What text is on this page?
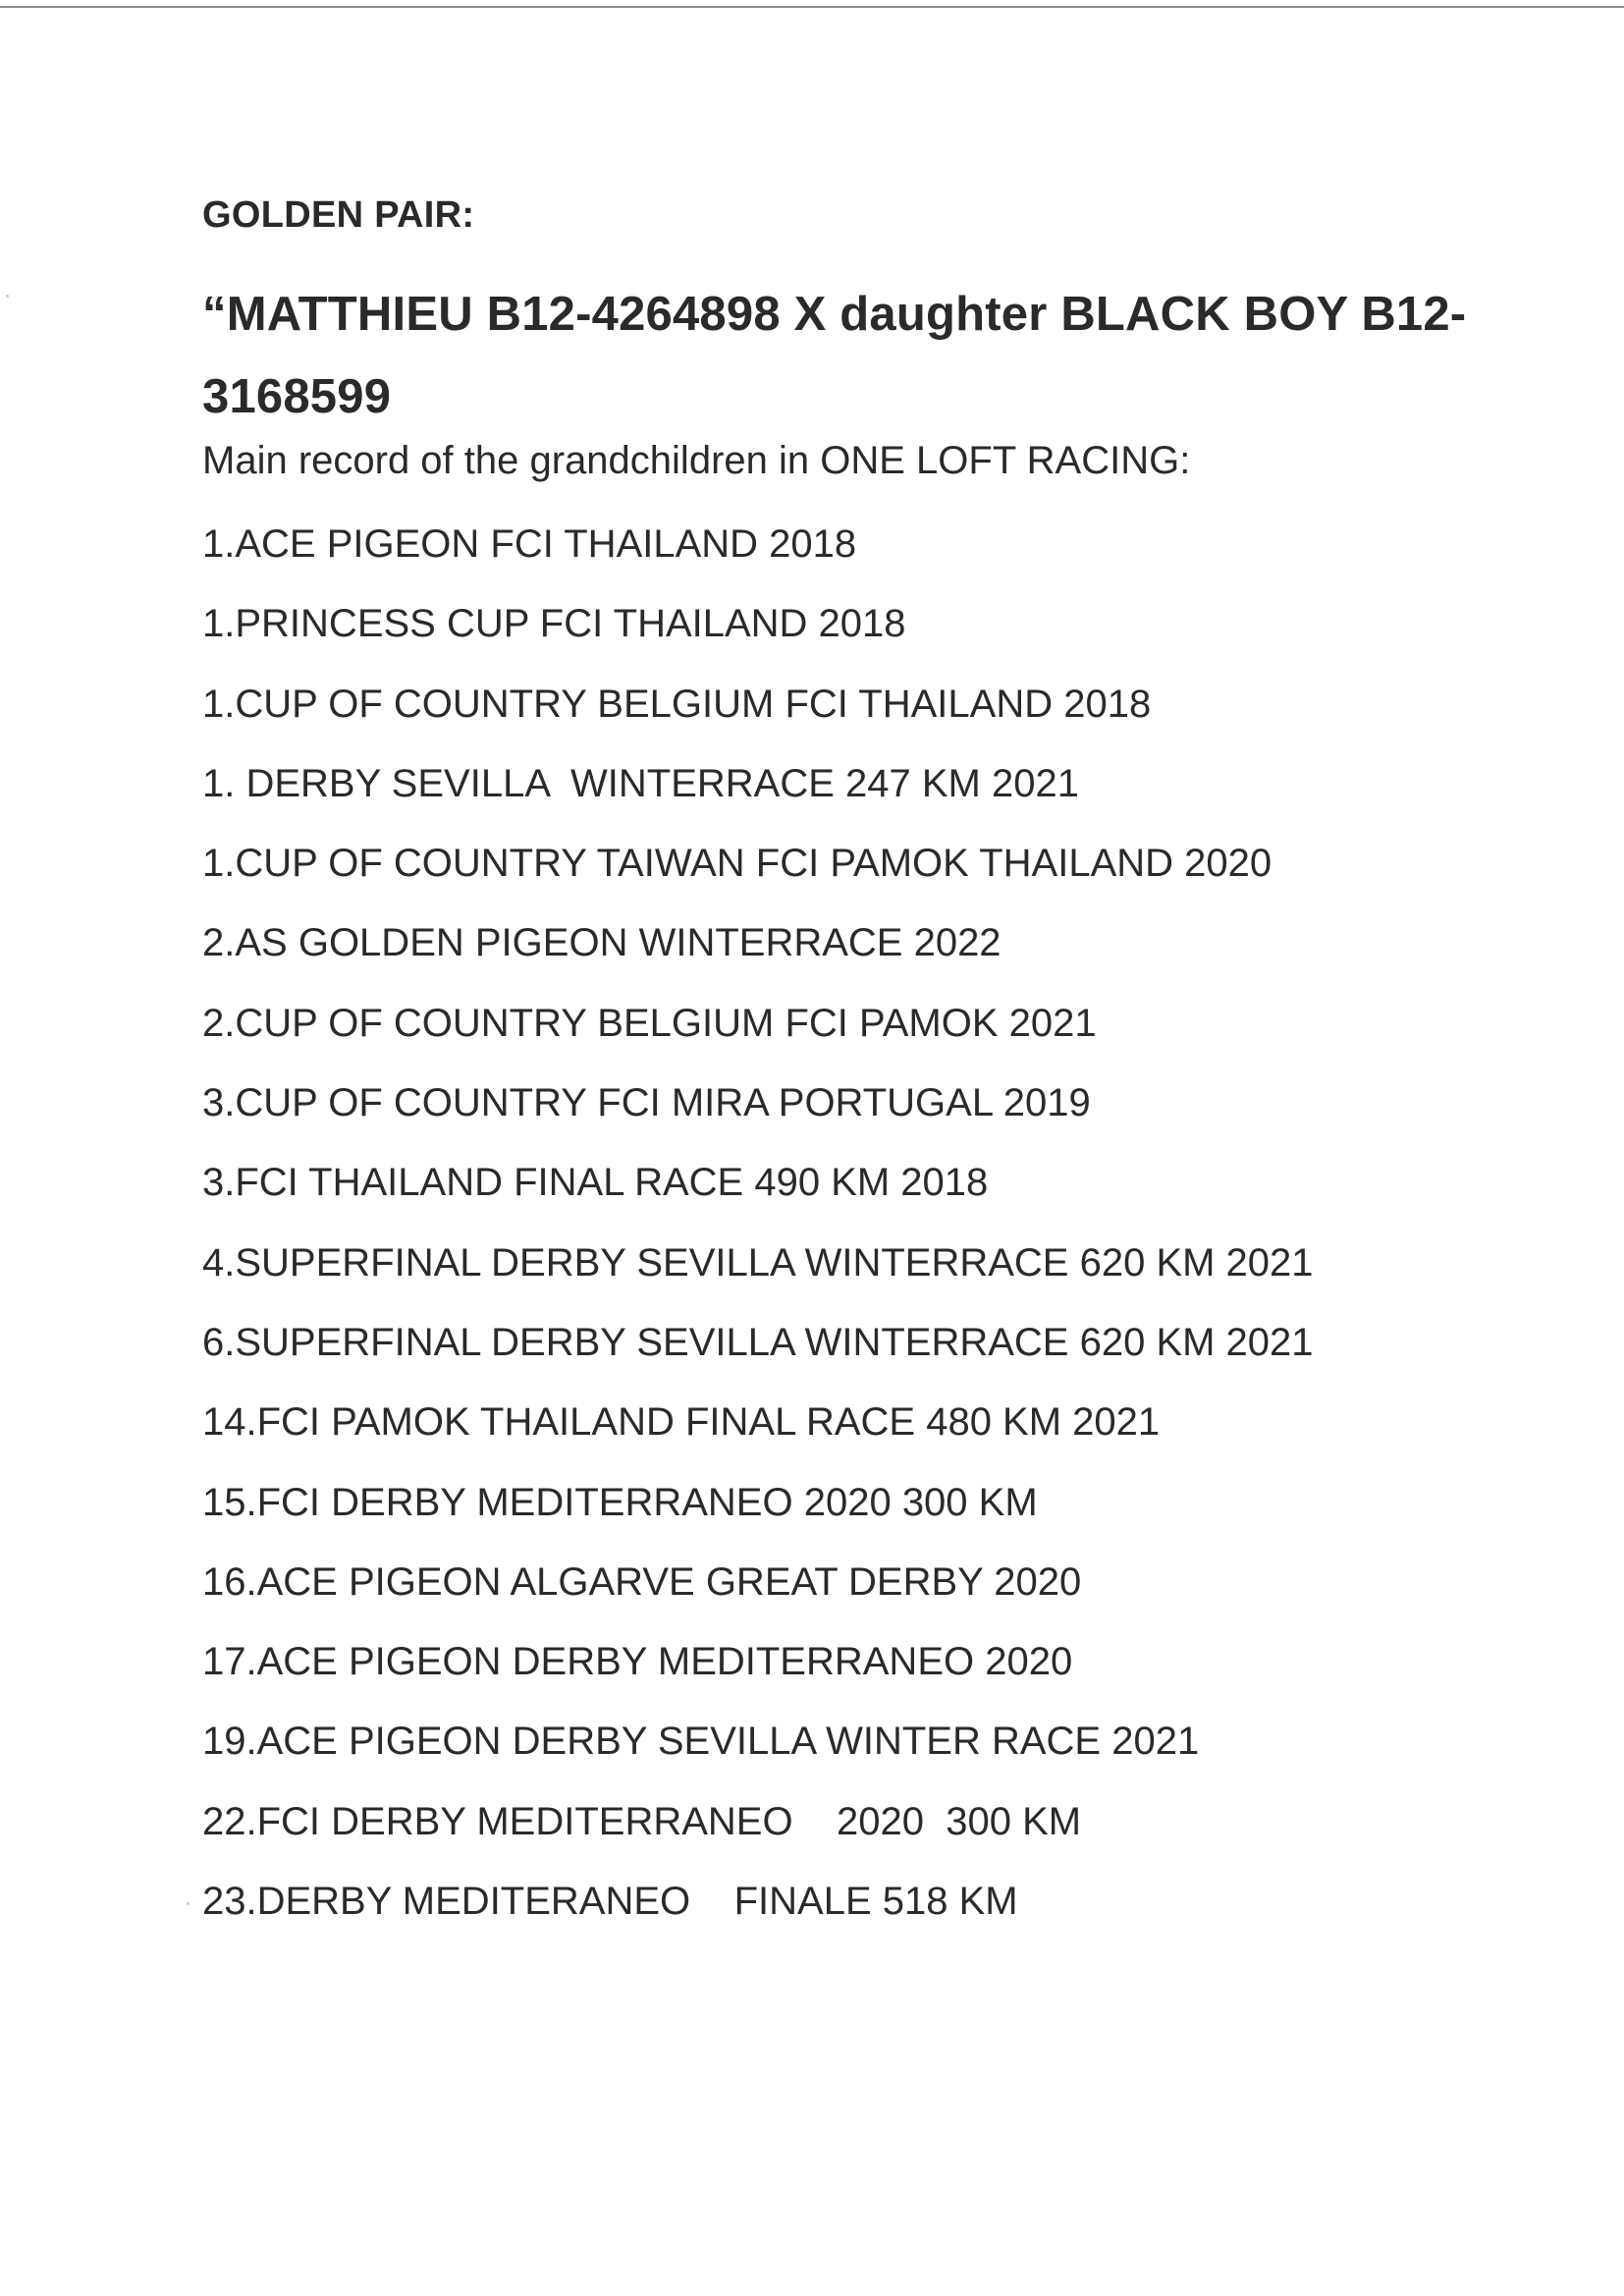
GOLDEN PAIR:
“MATTHIEU B12-4264898 X daughter BLACK BOY B12-3168599
Main record of the grandchildren in ONE LOFT RACING:
1.ACE PIGEON FCI THAILAND 2018
1.PRINCESS CUP FCI THAILAND 2018
1.CUP OF COUNTRY BELGIUM FCI THAILAND 2018
1. DERBY SEVILLA  WINTERRACE 247 KM 2021
1.CUP OF COUNTRY TAIWAN FCI PAMOK THAILAND 2020
2.AS GOLDEN PIGEON WINTERRACE 2022
2.CUP OF COUNTRY BELGIUM FCI PAMOK 2021
3.CUP OF COUNTRY FCI MIRA PORTUGAL 2019
3.FCI THAILAND FINAL RACE 490 KM 2018
4.SUPERFINAL DERBY SEVILLA WINTERRACE 620 KM 2021
6.SUPERFINAL DERBY SEVILLA WINTERRACE 620 KM 2021
14.FCI PAMOK THAILAND FINAL RACE 480 KM 2021
15.FCI DERBY MEDITERRANEO 2020 300 KM
16.ACE PIGEON ALGARVE GREAT DERBY 2020
17.ACE PIGEON DERBY MEDITERRANEO 2020
19.ACE PIGEON DERBY SEVILLA WINTER RACE 2021
22.FCI DERBY MEDITERRANEO    2020  300 KM
23.DERBY MEDITERANEO    FINALE 518 KM
